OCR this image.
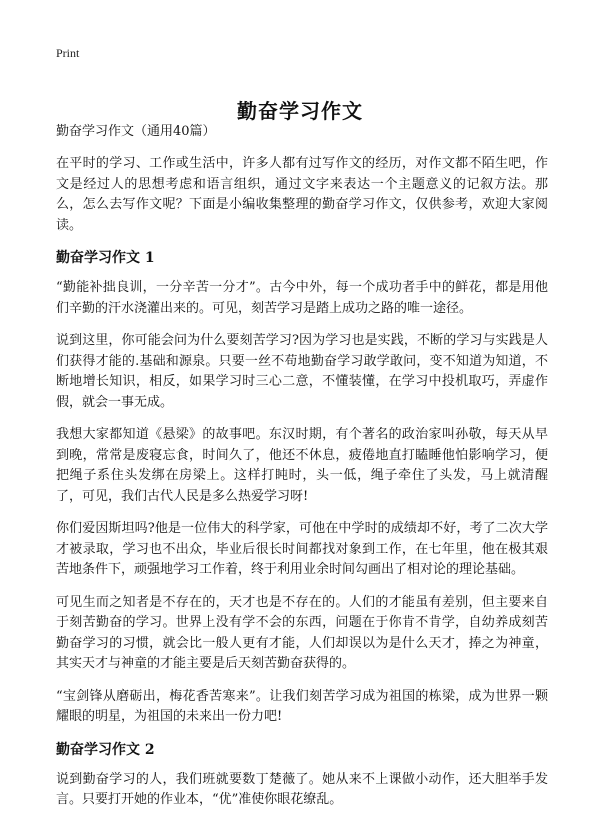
Print
勤奋学习作文
勤奋学习作文（通用40篇）

在平时的学习、工作或生活中，许多人都有过写作文的经历，对作文都不陌生吧，作文是经过人的思想考虑和语言组织，通过文字来表达一个主题意义的记叙方法。那么，怎么去写作文呢？下面是小编收集整理的勤奋学习作文，仅供参考，欢迎大家阅读。

勤奋学习作文 1

“勤能补拙良训，一分辛苦一分才”。古今中外，每一个成功者手中的鲜花，都是用他们辛勤的汗水浇灌出来的。可见，刻苦学习是踏上成功之路的唯一途径。

说到这里，你可能会问为什么要刻苦学习?因为学习也是实践，不断的学习与实践是人们获得才能的.基础和源泉。只要一丝不苟地勤奋学习敢学敢问，变不知道为知道，不断地增长知识，相反，如果学习时三心二意，不懂装懂，在学习中投机取巧，弄虚作假，就会一事无成。

我想大家都知道《悬梁》的故事吧。东汉时期，有个著名的政治家叫孙敬，每天从早到晚，常常是废寝忘食，时间久了，他还不休息，疲倦地直打瞌睡他怕影响学习，便把绳子系住头发绑在房梁上。这样打盹时，头一低，绳子牵住了头发，马上就清醒了，可见，我们古代人民是多么热爱学习呀!

你们爱因斯坦吗?他是一位伟大的科学家，可他在中学时的成绩却不好，考了二次大学才被录取，学习也不出众，毕业后很长时间都找对象到工作，在七年里，他在极其艰苦地条件下，顽强地学习工作着，终于利用业余时间勾画出了相对论的理论基础。

可见生而之知者是不存在的，天才也是不存在的。人们的才能虽有差别，但主要来自于刻苦勤奋的学习。世界上没有学不会的东西，问题在于你肯不肯学，自幼养成刻苦勤奋学习的习惯，就会比一般人更有才能，人们却误以为是什么天才，捧之为神童，其实天才与神童的才能主要是后天刻苦勤奋获得的。

“宝剑锋从磨砺出，梅花香苦寒来”。让我们刻苦学习成为祖国的栋梁，成为世界一颗耀眼的明星，为祖国的未来出一份力吧!

勤奋学习作文 2

说到勤奋学习的人，我们班就要数丁楚薇了。她从来不上课做小动作，还大胆举手发言。只要打开她的作业本，“优”准使你眼花缭乱。
